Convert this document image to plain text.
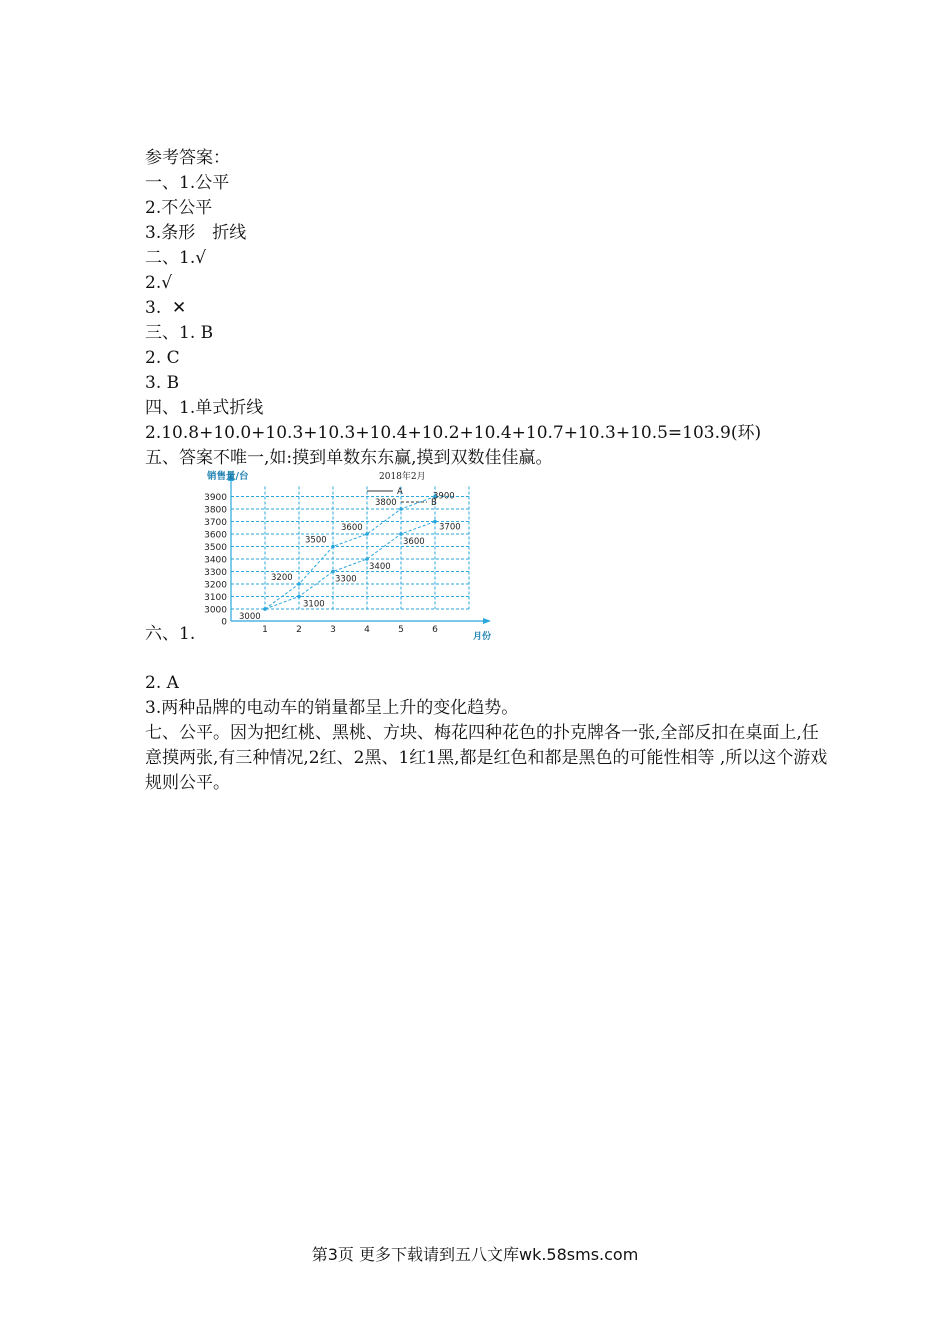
参考答案：
一、1.公平
2.不公平
3.条形　折线
二、1.√
2.√
3.  ✕
三、1. B
2. C
3. B
四、1.单式折线
2.10.8+10.0+10.3+10.3+10.4+10.2+10.4+10.7+10.3+10.5=103.9(环)
五、答案不唯一,如:摸到单数东东赢,摸到双数佳佳赢。
六、1.
3000
3100
3200
3300
3400
3500
3600
3700
3800
3900
1	2	3	4	5	6
0
销售量/台
月份
2018年2月
A
B
3000
3200
3500
3600
3800
3900
3100
3300
3400
3600
3700
2. A
3.两种品牌的电动车的销量都呈上升的变化趋势。
七、公平。因为把红桃、黑桃、方块、梅花四种花色的扑克牌各一张,全部反扣在桌面上,任意摸两张,有三种情况,2红、2黑、1红1黑,都是红色和都是黑色的可能性相等 ,所以这个游戏规则公平。
第3页 更多下载请到五八文库wk.58sms.com
